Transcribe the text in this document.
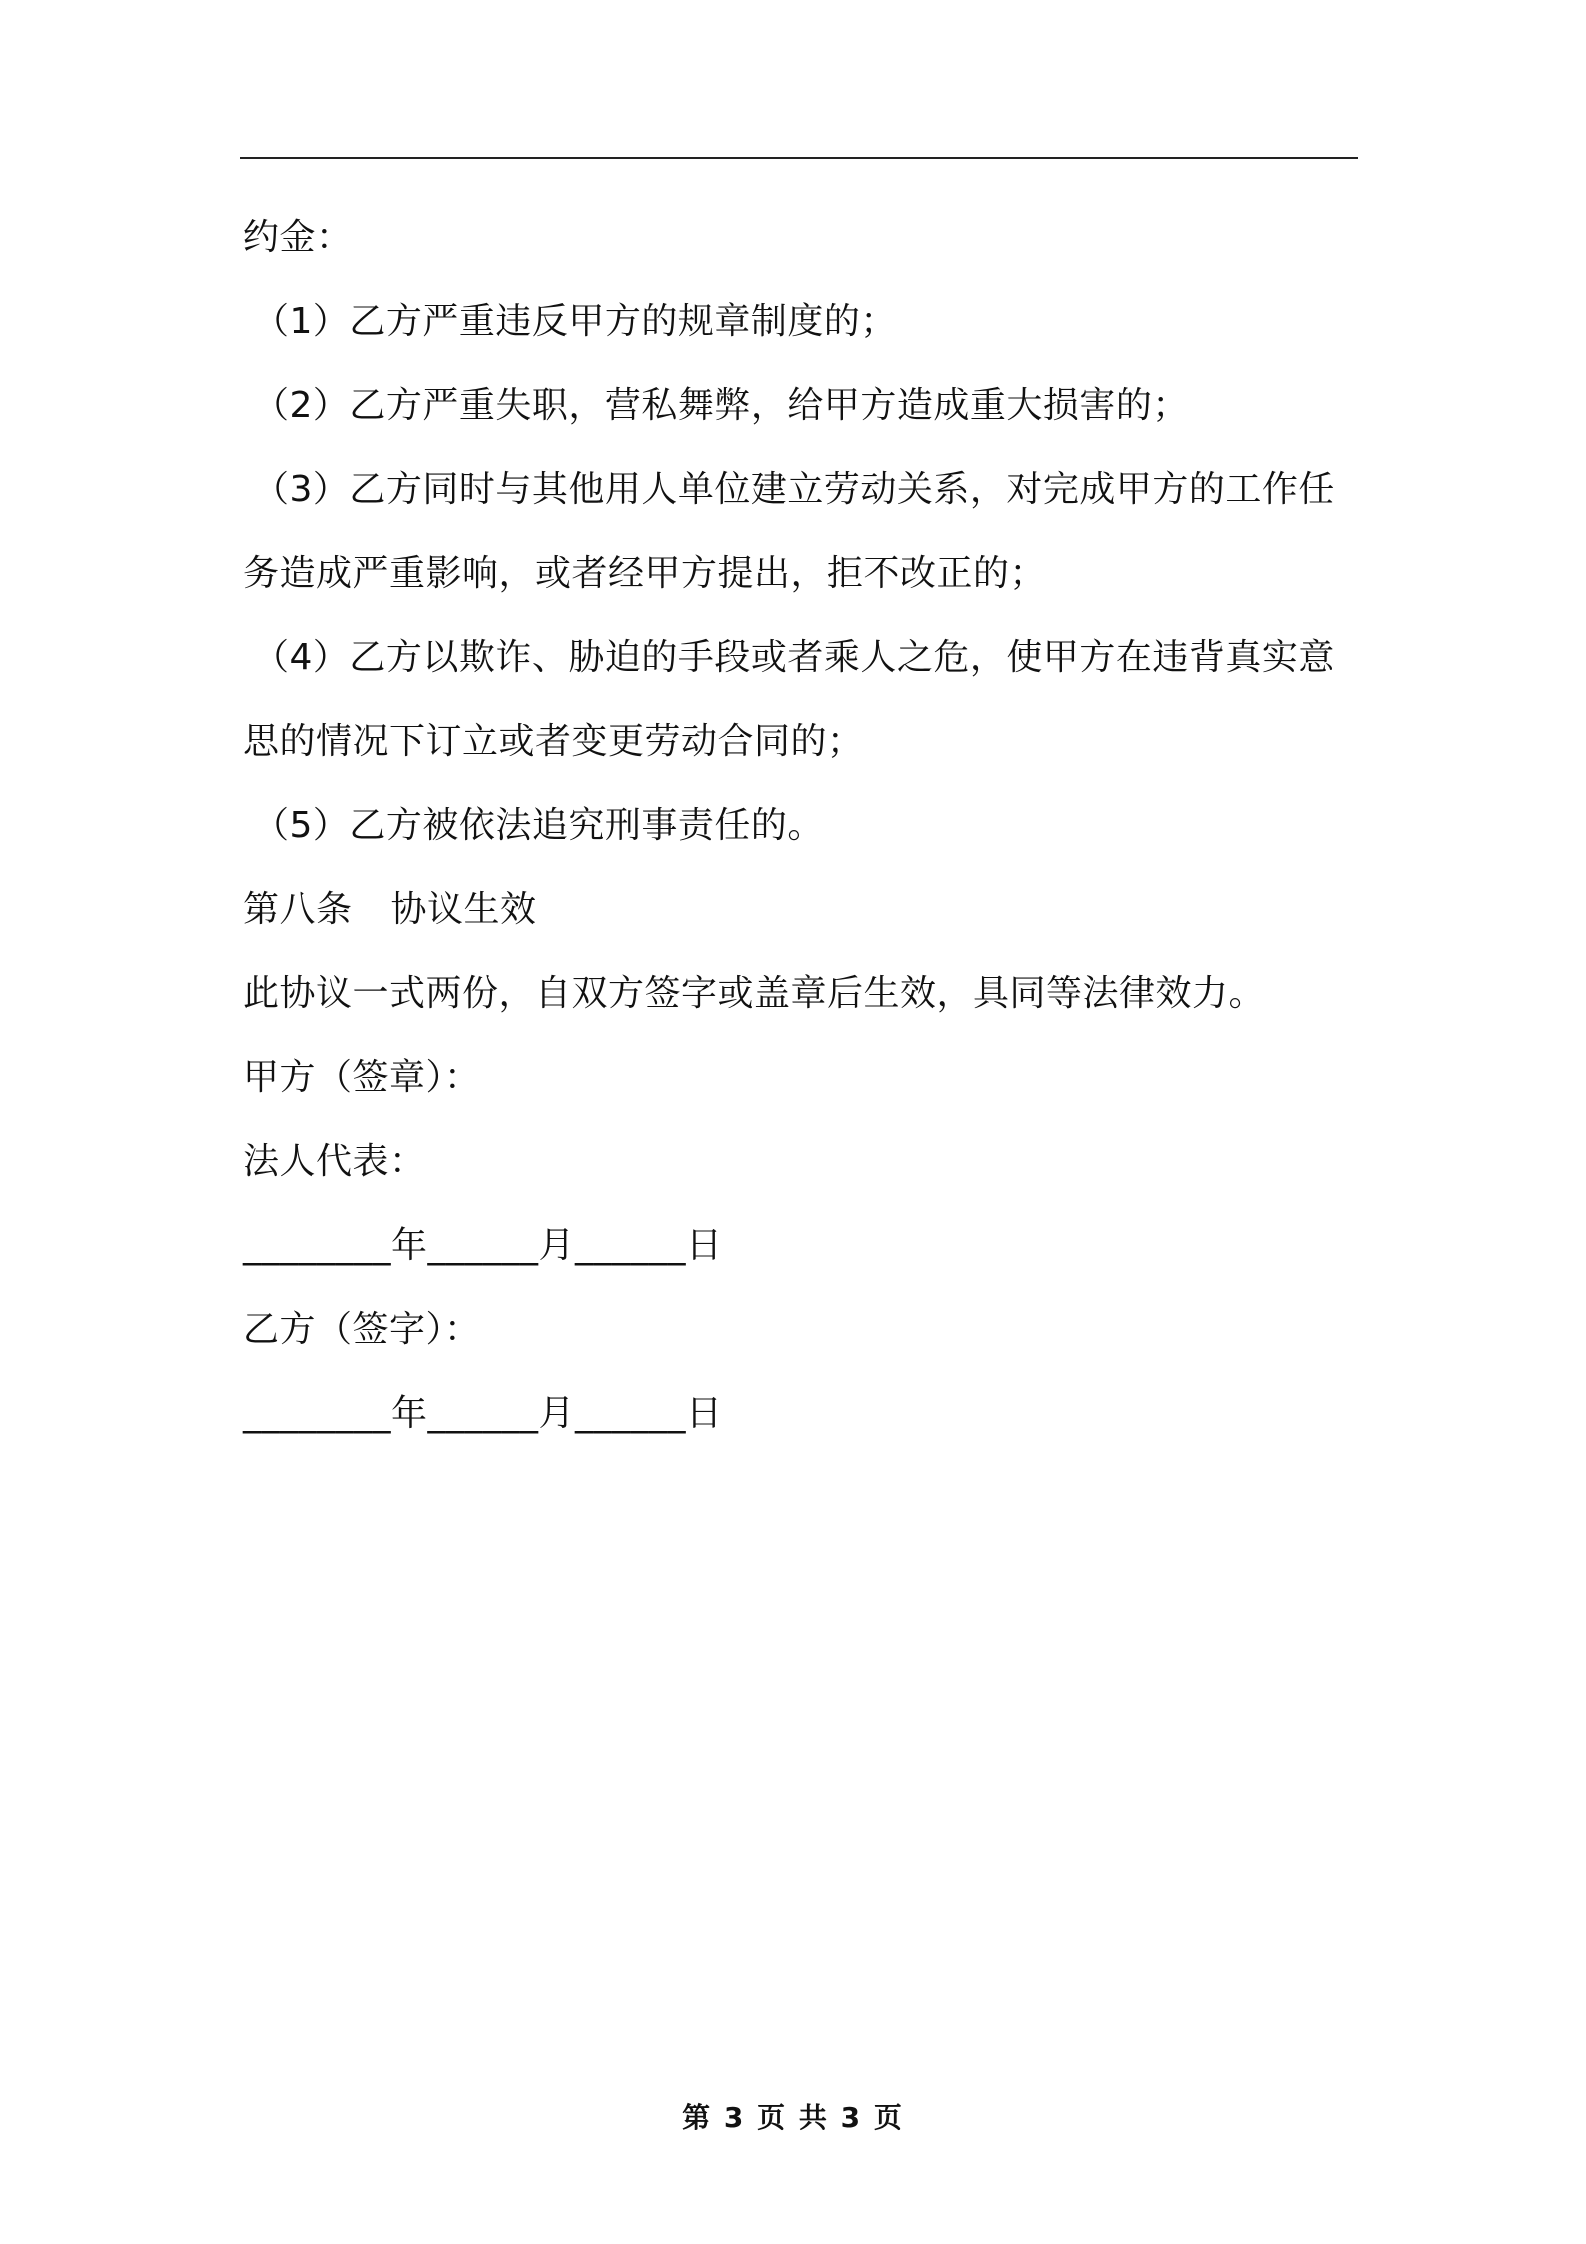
约金：
（1）乙方严重违反甲方的规章制度的；
（2）乙方严重失职，营私舞弊，给甲方造成重大损害的；
（3）乙方同时与其他用人单位建立劳动关系，对完成甲方的工作任
务造成严重影响，或者经甲方提出，拒不改正的；
（4）乙方以欺诈、胁迫的手段或者乘人之危，使甲方在违背真实意
思的情况下订立或者变更劳动合同的；
（5）乙方被依法追究刑事责任的。
第八条 协议生效
此协议一式两份，自双方签字或盖章后生效，具同等法律效力。
甲方（签章）：
法人代表：
________年______月______日
乙方（签字）：
________年______月______日
第 3 页 共 3 页
